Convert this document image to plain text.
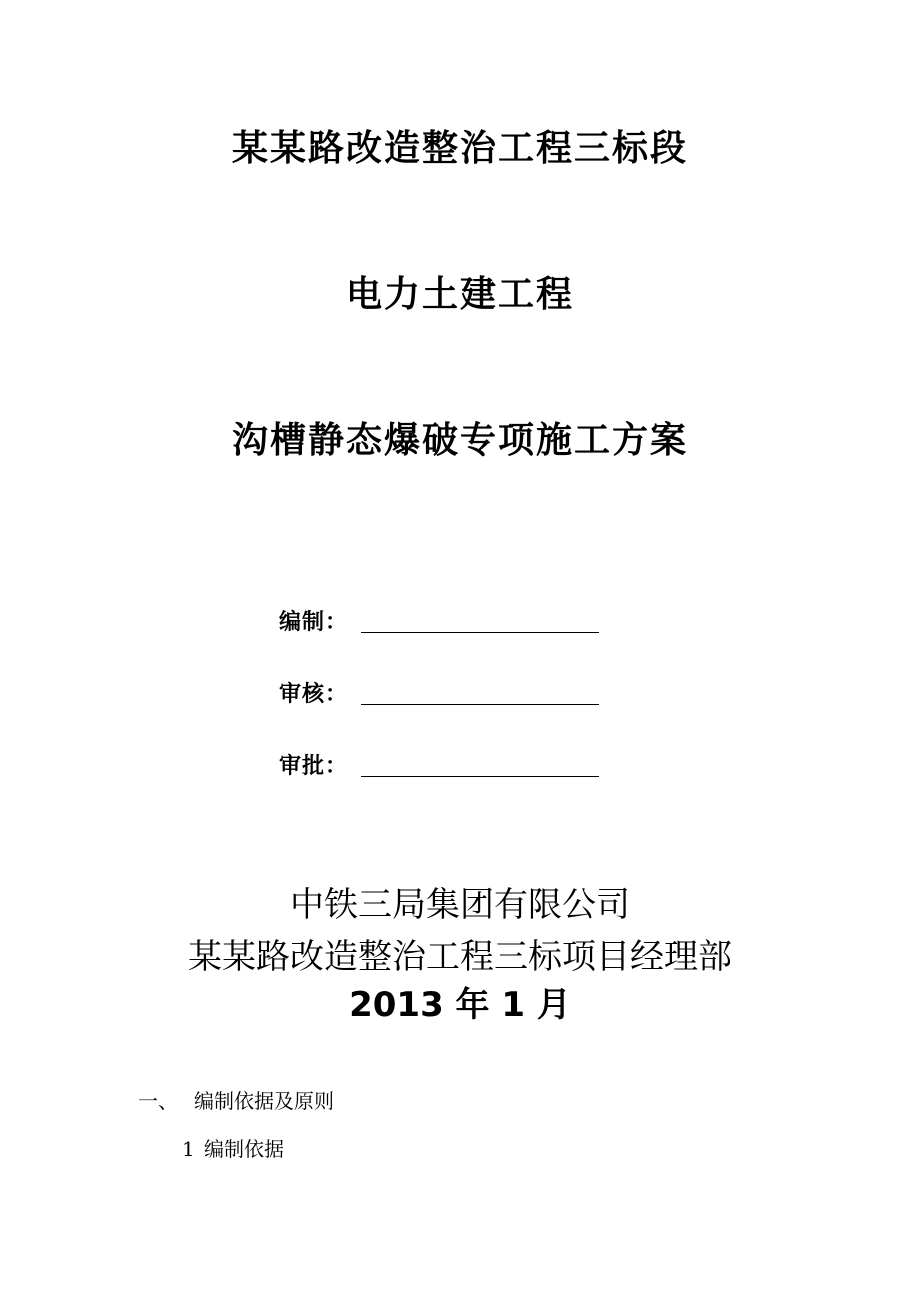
某某路改造整治工程三标段
电力土建工程
沟槽静态爆破专项施工方案
编制：
审核：
审批：
中铁三局集团有限公司
某某路改造整治工程三标项目经理部
2013 年 1 月
一、 编制依据及原则
1 编制依据
